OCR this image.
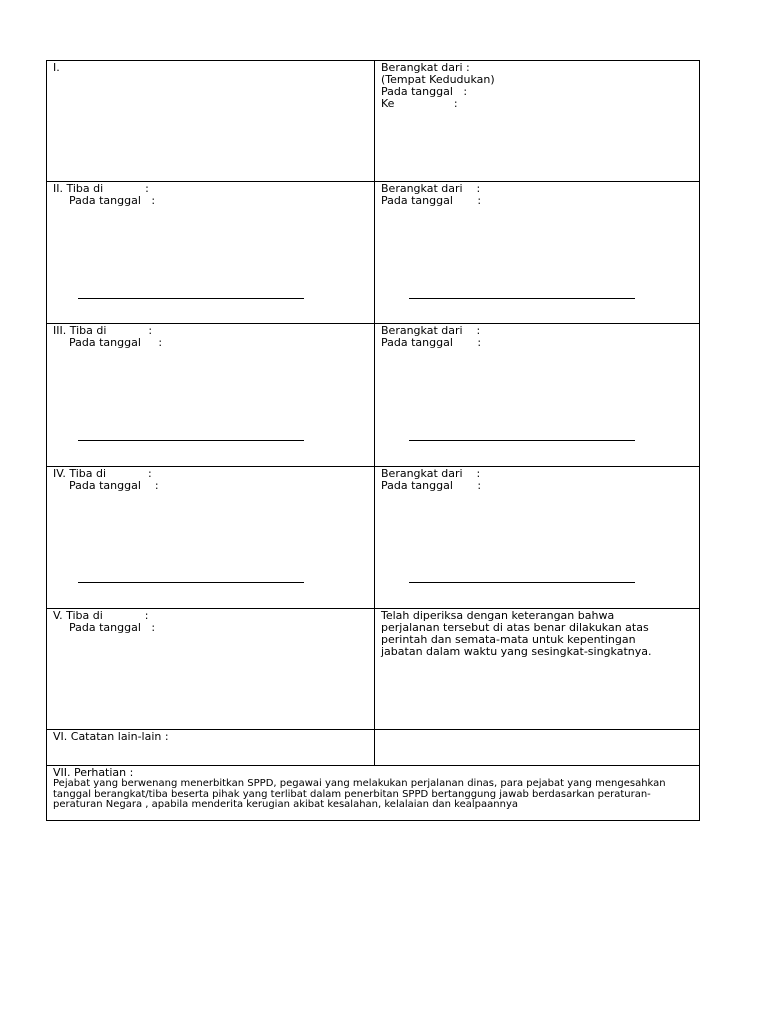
I.	Berangkat dari :
(Tempat Kedudukan)
Pada tanggal   :
Ke                 :
II. Tiba di            :
Pada tanggal   :
Berangkat dari    :
Pada tanggal       :
III. Tiba di            :
Pada tanggal     :
Berangkat dari    :
Pada tanggal       :
IV. Tiba di            :
Pada tanggal    :
Berangkat dari    :
Pada tanggal       :
V. Tiba di            :
Pada tanggal   :
Telah diperiksa dengan keterangan bahwa
perjalanan tersebut di atas benar dilakukan atas
perintah dan semata-mata untuk kepentingan
jabatan dalam waktu yang sesingkat-singkatnya.
VI. Catatan lain-lain :
VII. Perhatian :
Pejabat yang berwenang menerbitkan SPPD, pegawai yang melakukan perjalanan dinas, para pejabat yang mengesahkan tanggal berangkat/tiba beserta pihak yang terlibat dalam penerbitan SPPD bertanggung jawab berdasarkan peraturan-peraturan Negara , apabila menderita kerugian akibat kesalahan, kelalaian dan kealpaannya
